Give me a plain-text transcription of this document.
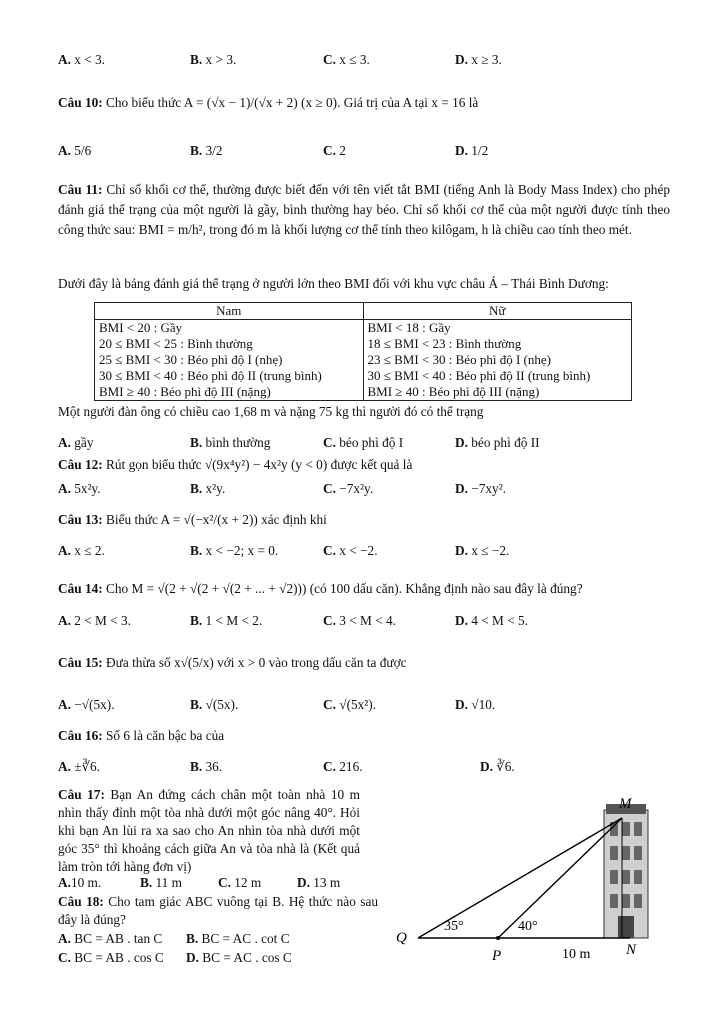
A. x < 3.	B. x > 3.	C. x ≤ 3.	D. x ≥ 3.
Câu 10: Cho biểu thức A = (√x − 1)/(√x + 2) (x ≥ 0). Giá trị của A tại x = 16 là
A. 5/6	B. 3/2	C. 2	D. 1/2
Câu 11: Chỉ số khối cơ thể, thường được biết đến với tên viết tắt BMI (tiếng Anh là Body Mass Index) cho phép đánh giá thể trạng của một người là gầy, bình thường hay béo. Chỉ số khối cơ thể của một người được tính theo công thức sau: BMI = m/h², trong đó m là khối lượng cơ thể tính theo kilôgam, h là chiều cao tính theo mét.
Dưới đây là bảng đánh giá thể trạng ở người lớn theo BMI đối với khu vực châu Á – Thái Bình Dương:
Nam	Nữ
BMI < 20 : Gầy	BMI < 18 : Gầy
20 ≤ BMI < 25 : Bình thường	18 ≤ BMI < 23 : Bình thường
25 ≤ BMI < 30 : Béo phì độ I (nhẹ)	23 ≤ BMI < 30 : Béo phì độ I (nhẹ)
30 ≤ BMI < 40 : Béo phì độ II (trung bình)	30 ≤ BMI < 40 : Béo phì độ II (trung bình)
BMI ≥ 40 : Béo phì độ III (nặng)	BMI ≥ 40 : Béo phì độ III (nặng)
Một người đàn ông có chiều cao 1,68 m và nặng 75 kg thì người đó có thể trạng
A. gầy	B. bình thường	C. béo phì độ I	D. béo phì độ II
Câu 12: Rút gọn biểu thức √(9x⁴y²) − 4x²y (y < 0) được kết quả là
A. 5x²y.	B. x²y.	C. −7x²y.	D. −7xy².
Câu 13: Biểu thức A = √(−x²/(x + 2)) xác định khi
A. x ≤ 2.	B. x < −2; x = 0.	C. x < −2.	D. x ≤ −2.
Câu 14: Cho M = √(2 + √(2 + √(2 + ... + √2))) (có 100 dấu căn). Khẳng định nào sau đây là đúng?
A. 2 < M < 3.	B. 1 < M < 2.	C. 3 < M < 4.	D. 4 < M < 5.
Câu 15: Đưa thừa số x√(5/x) với x > 0 vào trong dấu căn ta được
A. −√(5x).	B. √(5x).	C. √(5x²).	D. √10.
Câu 16: Số 6 là căn bậc ba của
A. ±∛6.	B. 36.	C. 216.	D. ∛6.
Câu 17: Bạn An đứng cách chân một toàn nhà 10 m nhìn thấy đỉnh một tòa nhà dưới một góc nâng 40°. Hỏi khi bạn An lùi ra xa sao cho An nhìn tòa nhà dưới một góc 35° thì khoảng cách giữa An và tòa nhà là (Kết quả làm tròn tới hàng đơn vị)
A.10 m.	B. 11 m	C. 12 m	D. 13 m
Câu 18: Cho tam giác ABC vuông tại B. Hệ thức nào sau đây là đúng?
A. BC = AB . tan C B. BC = AC . cot C
C. BC = AB . cos C D. BC = AC . cos C
M
Q
P	N
35°	40°
10 m
